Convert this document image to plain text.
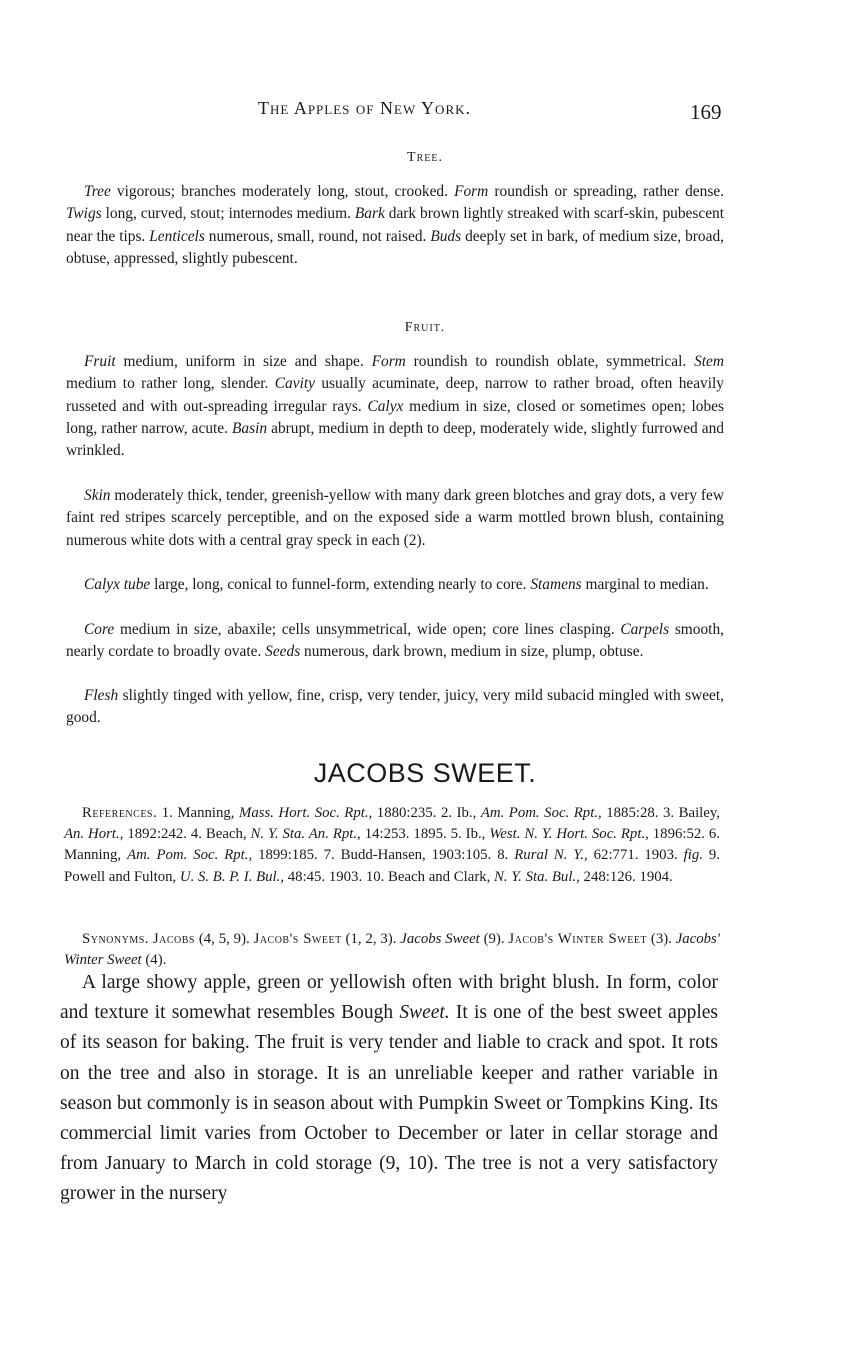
The Apples of New York.	169
Tree.

Tree vigorous; branches moderately long, stout, crooked. Form roundish or spreading, rather dense. Twigs long, curved, stout; internodes medium. Bark dark brown lightly streaked with scarf-skin, pubescent near the tips. Lenticels numerous, small, round, not raised. Buds deeply set in bark, of medium size, broad, obtuse, appressed, slightly pubescent.

Fruit.

Fruit medium, uniform in size and shape. Form roundish to roundish oblate, symmetrical. Stem medium to rather long, slender. Cavity usually acuminate, deep, narrow to rather broad, often heavily russeted and with out-spreading irregular rays. Calyx medium in size, closed or sometimes open; lobes long, rather narrow, acute. Basin abrupt, medium in depth to deep, moderately wide, slightly furrowed and wrinkled.

Skin moderately thick, tender, greenish-yellow with many dark green blotches and gray dots, a very few faint red stripes scarcely perceptible, and on the exposed side a warm mottled brown blush, containing numerous white dots with a central gray speck in each (2).

Calyx tube large, long, conical to funnel-form, extending nearly to core. Stamens marginal to median.

Core medium in size, abaxile; cells unsymmetrical, wide open; core lines clasping. Carpels smooth, nearly cordate to broadly ovate. Seeds numerous, dark brown, medium in size, plump, obtuse.

Flesh slightly tinged with yellow, fine, crisp, very tender, juicy, very mild subacid mingled with sweet, good.

JACOBS SWEET.

References. 1. Manning, Mass. Hort. Soc. Rpt., 1880:235. 2. Ib., Am. Pom. Soc. Rpt., 1885:28. 3. Bailey, An. Hort., 1892:242. 4. Beach, N. Y. Sta. An. Rpt., 14:253. 1895. 5. Ib., West. N. Y. Hort. Soc. Rpt., 1896:52. 6. Manning, Am. Pom. Soc. Rpt., 1899:185. 7. Budd-Hansen, 1903:105. 8. Rural N. Y., 62:771. 1903. fig. 9. Powell and Fulton, U. S. B. P. I. Bul., 48:45. 1903. 10. Beach and Clark, N. Y. Sta. Bul., 248:126. 1904.

Synonyms. Jacobs (4, 5, 9). Jacob's Sweet (1, 2, 3). Jacobs Sweet (9). Jacob's Winter Sweet (3). Jacobs' Winter Sweet (4).

A large showy apple, green or yellowish often with bright blush. In form, color and texture it somewhat resembles Bough Sweet. It is one of the best sweet apples of its season for baking. The fruit is very tender and liable to crack and spot. It rots on the tree and also in storage. It is an unreliable keeper and rather variable in season but commonly is in season about with Pumpkin Sweet or Tompkins King. Its commercial limit varies from October to December or later in cellar storage and from January to March in cold storage (9, 10). The tree is not a very satisfactory grower in the nursery
